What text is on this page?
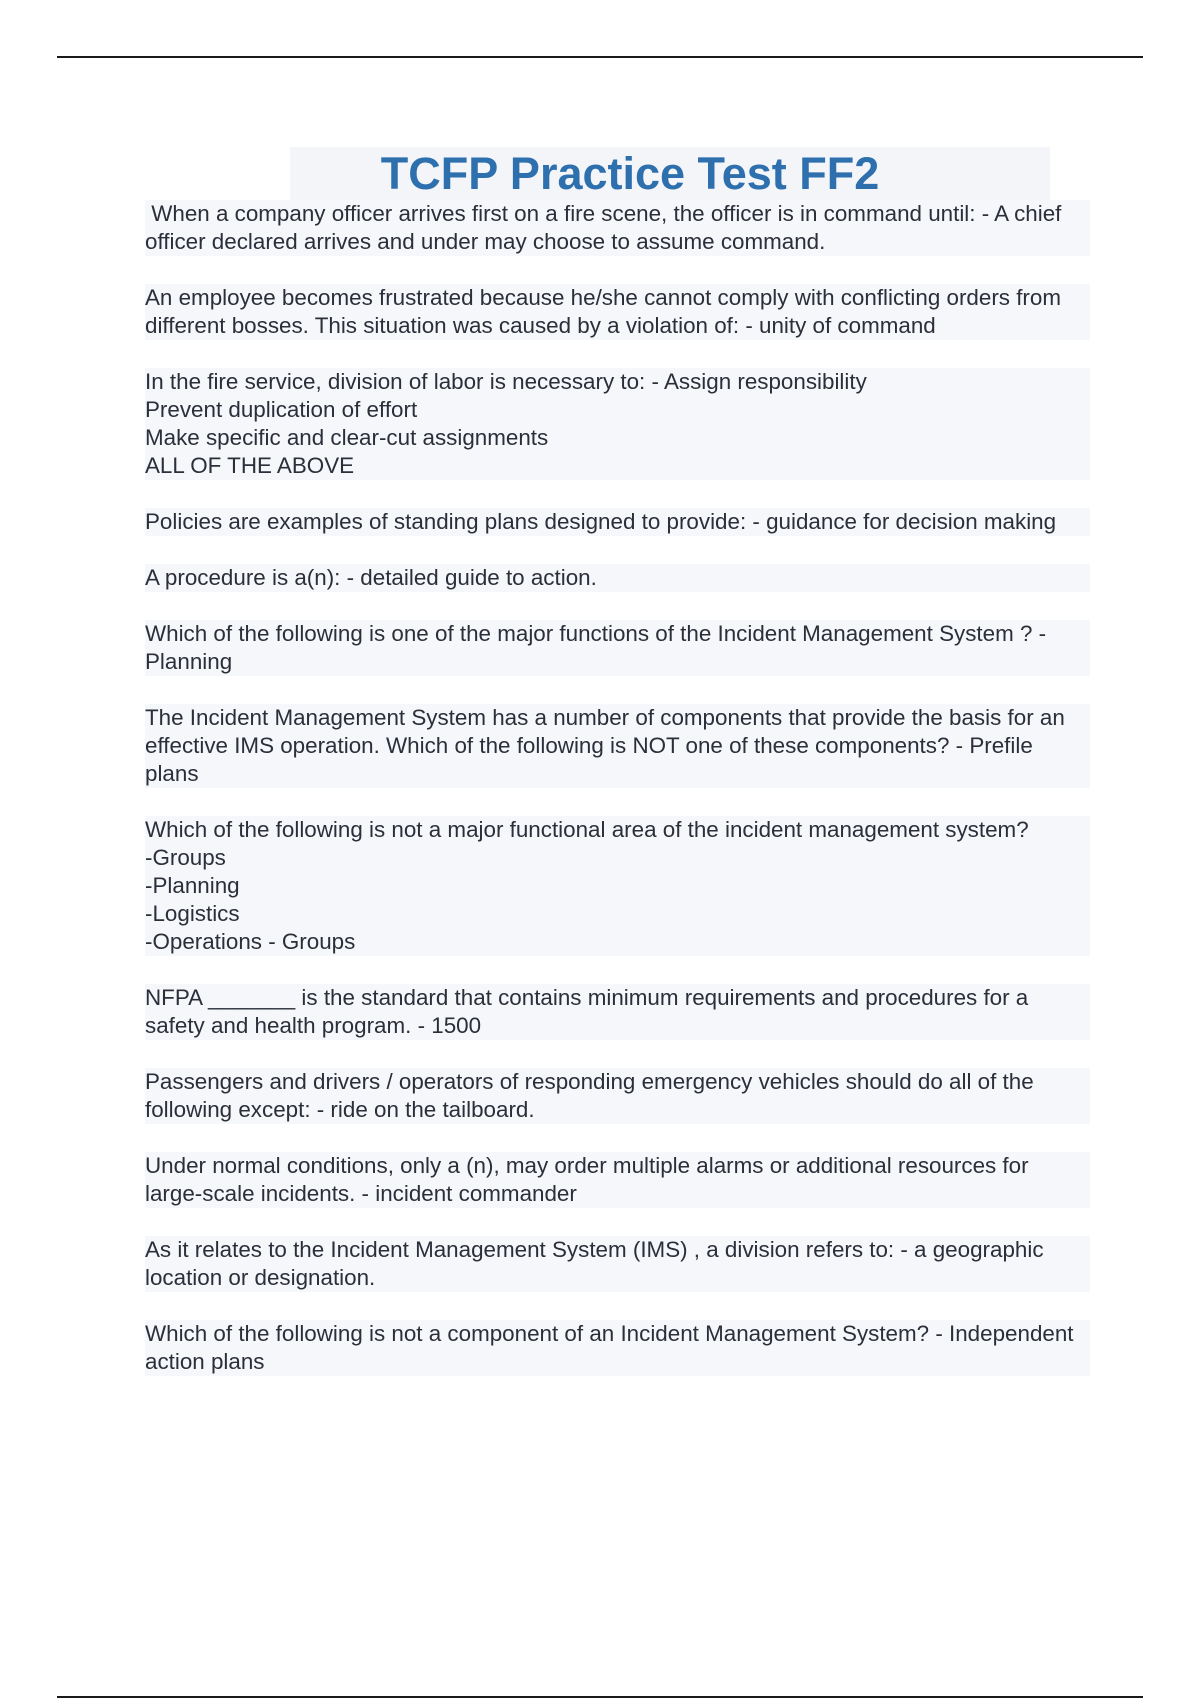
TCFP Practice Test FF2

When a company officer arrives first on a fire scene, the officer is in command until: - A chief officer declared arrives and under may choose to assume command.

An employee becomes frustrated because he/she cannot comply with conflicting orders from different bosses. This situation was caused by a violation of: - unity of command

In the fire service, division of labor is necessary to: - Assign responsibility
Prevent duplication of effort
Make specific and clear-cut assignments
ALL OF THE ABOVE

Policies are examples of standing plans designed to provide: - guidance for decision making

A procedure is a(n): - detailed guide to action.

Which of the following is one of the major functions of the Incident Management System ? - Planning

The Incident Management System has a number of components that provide the basis for an effective IMS operation. Which of the following is NOT one of these components? - Prefile plans

Which of the following is not a major functional area of the incident management system?
-Groups
-Planning
-Logistics
-Operations - Groups

NFPA _______ is the standard that contains minimum requirements and procedures for a safety and health program. - 1500

Passengers and drivers / operators of responding emergency vehicles should do all of the following except: - ride on the tailboard.

Under normal conditions, only a (n), may order multiple alarms or additional resources for large-scale incidents. - incident commander

As it relates to the Incident Management System (IMS) , a division refers to: - a geographic location or designation.

Which of the following is not a component of an Incident Management System? - Independent action plans
